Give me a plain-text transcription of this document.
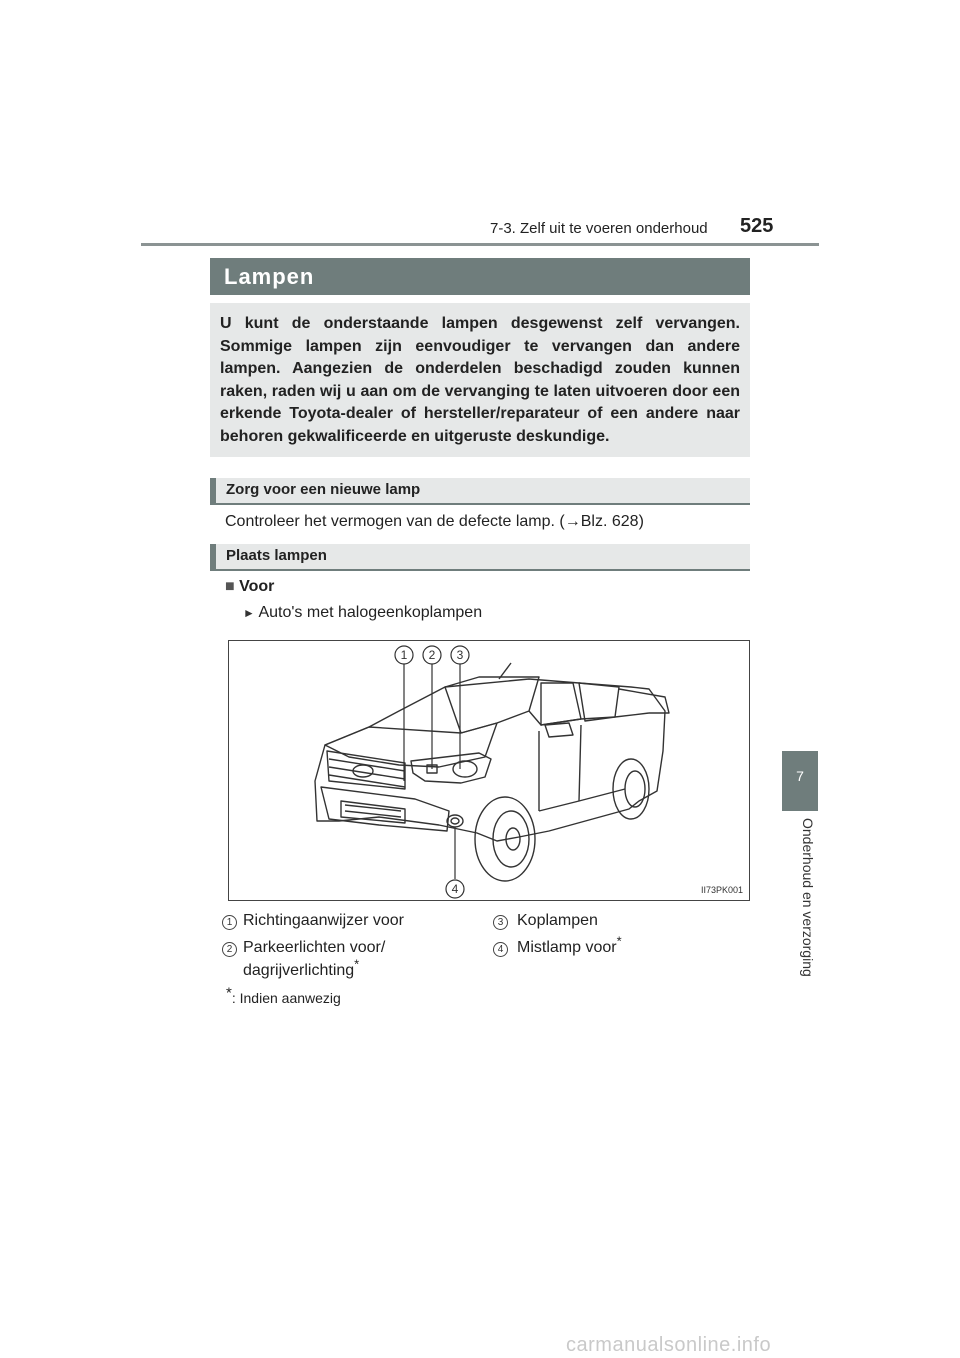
7-3. Zelf uit te voeren onderhoud 525
7
Onderhoud en verzorging
Lampen

U kunt de onderstaande lampen desgewenst zelf vervangen. Sommige lampen zijn eenvoudiger te vervangen dan andere lampen. Aangezien de onderdelen beschadigd zouden kunnen raken, raden wij u aan om de vervanging te laten uitvoeren door een erkende Toyota-dealer of hersteller/reparateur of een andere naar behoren gekwalificeerde en uitgeruste deskundige.

Zorg voor een nieuwe lamp
Controleer het vermogen van de defecte lamp. (→Blz. 628)
Plaats lampen
■ Voor
► Auto's met halogeenkoplampen
1 2 3
4	II73PK001
1 Richtingaanwijzer voor
2 Parkeerlichten voor/
dagrijverlichting*
3 Koplampen
4 Mistlamp voor*
*: Indien aanwezig
carmanualsonline.info
